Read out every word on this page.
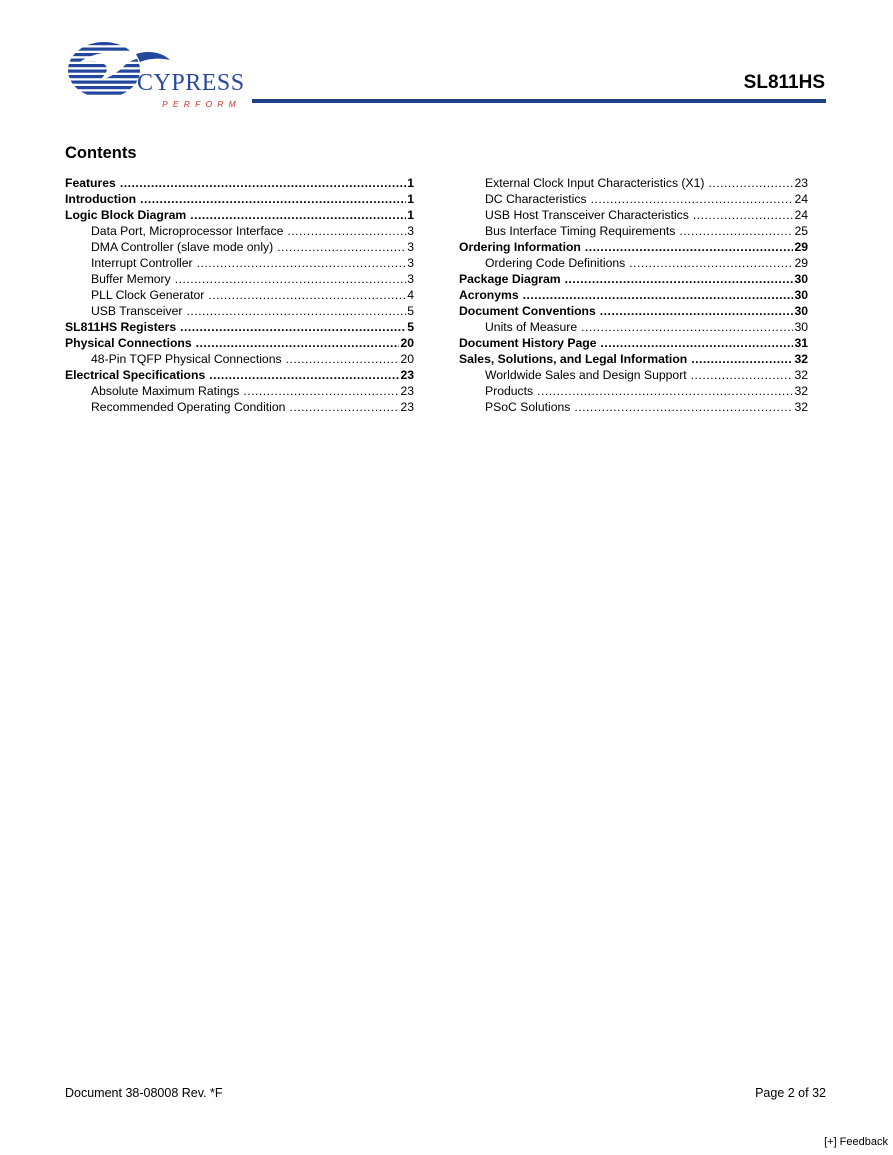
CYPRESS
PERFORM
SL811HS
Contents
Features .....	1
Introduction .....	1
Logic Block Diagram .....	1
Data Port, Microprocessor Interface .....	3
DMA Controller (slave mode only) .....	3
Interrupt Controller .....	3
Buffer Memory .....	3
PLL Clock Generator .....	4
USB Transceiver .....	5
SL811HS Registers .....	5
Physical Connections .....	20
48-Pin TQFP Physical Connections .....	20
Electrical Specifications .....	23
Absolute Maximum Ratings .....	23
Recommended Operating Condition .....	23
External Clock Input Characteristics (X1) .....	23
DC Characteristics .....	24
USB Host Transceiver Characteristics .....	24
Bus Interface Timing Requirements .....	25
Ordering Information .....	29
Ordering Code Definitions .....	29
Package Diagram .....	30
Acronyms .....	30
Document Conventions .....	30
Units of Measure .....	30
Document History Page .....	31
Sales, Solutions, and Legal Information .....	32
Worldwide Sales and Design Support .....	32
Products .....	32
PSoC Solutions .....	32
Document 38-08008 Rev. *F	Page 2 of 32
[+] Feedback
